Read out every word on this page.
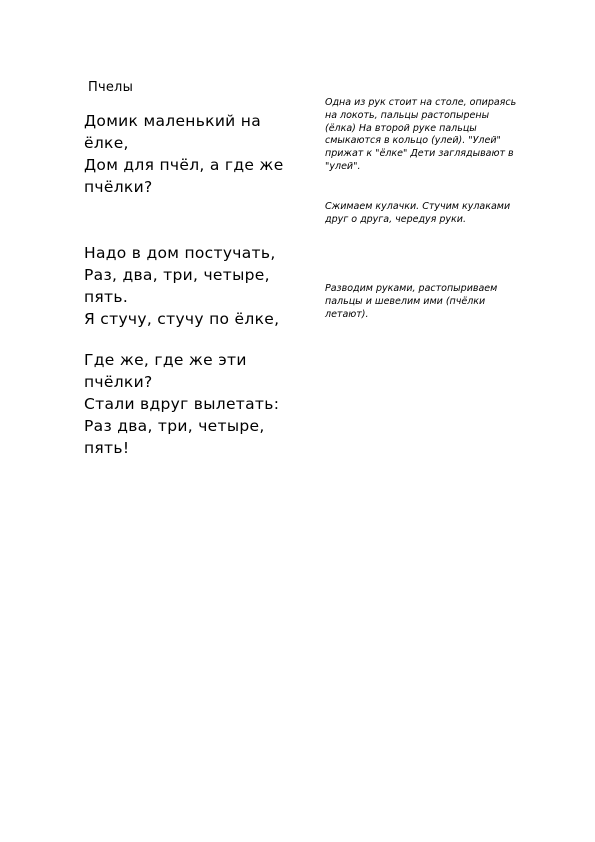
Пчелы
Домик маленький на
ёлке,
Дом для пчёл, а где же
пчёлки?
Надо в дом постучать,
Раз, два, три, четыре,
пять.
Я стучу, стучу по ёлке,
Где же, где же эти
пчёлки?
Стали вдруг вылетать:
Раз два, три, четыре,
пять!
Одна из рук стоит на столе, опираясь
на локоть, пальцы растопырены
(ёлка) На второй руке пальцы
смыкаются в кольцо (улей). "Улей"
прижат к "ёлке" Дети заглядывают в
"улей".
Сжимаем кулачки. Стучим кулаками
друг о друга, чередуя руки.
Разводим руками, растопыриваем
пальцы и шевелим ими (пчёлки
летают).
